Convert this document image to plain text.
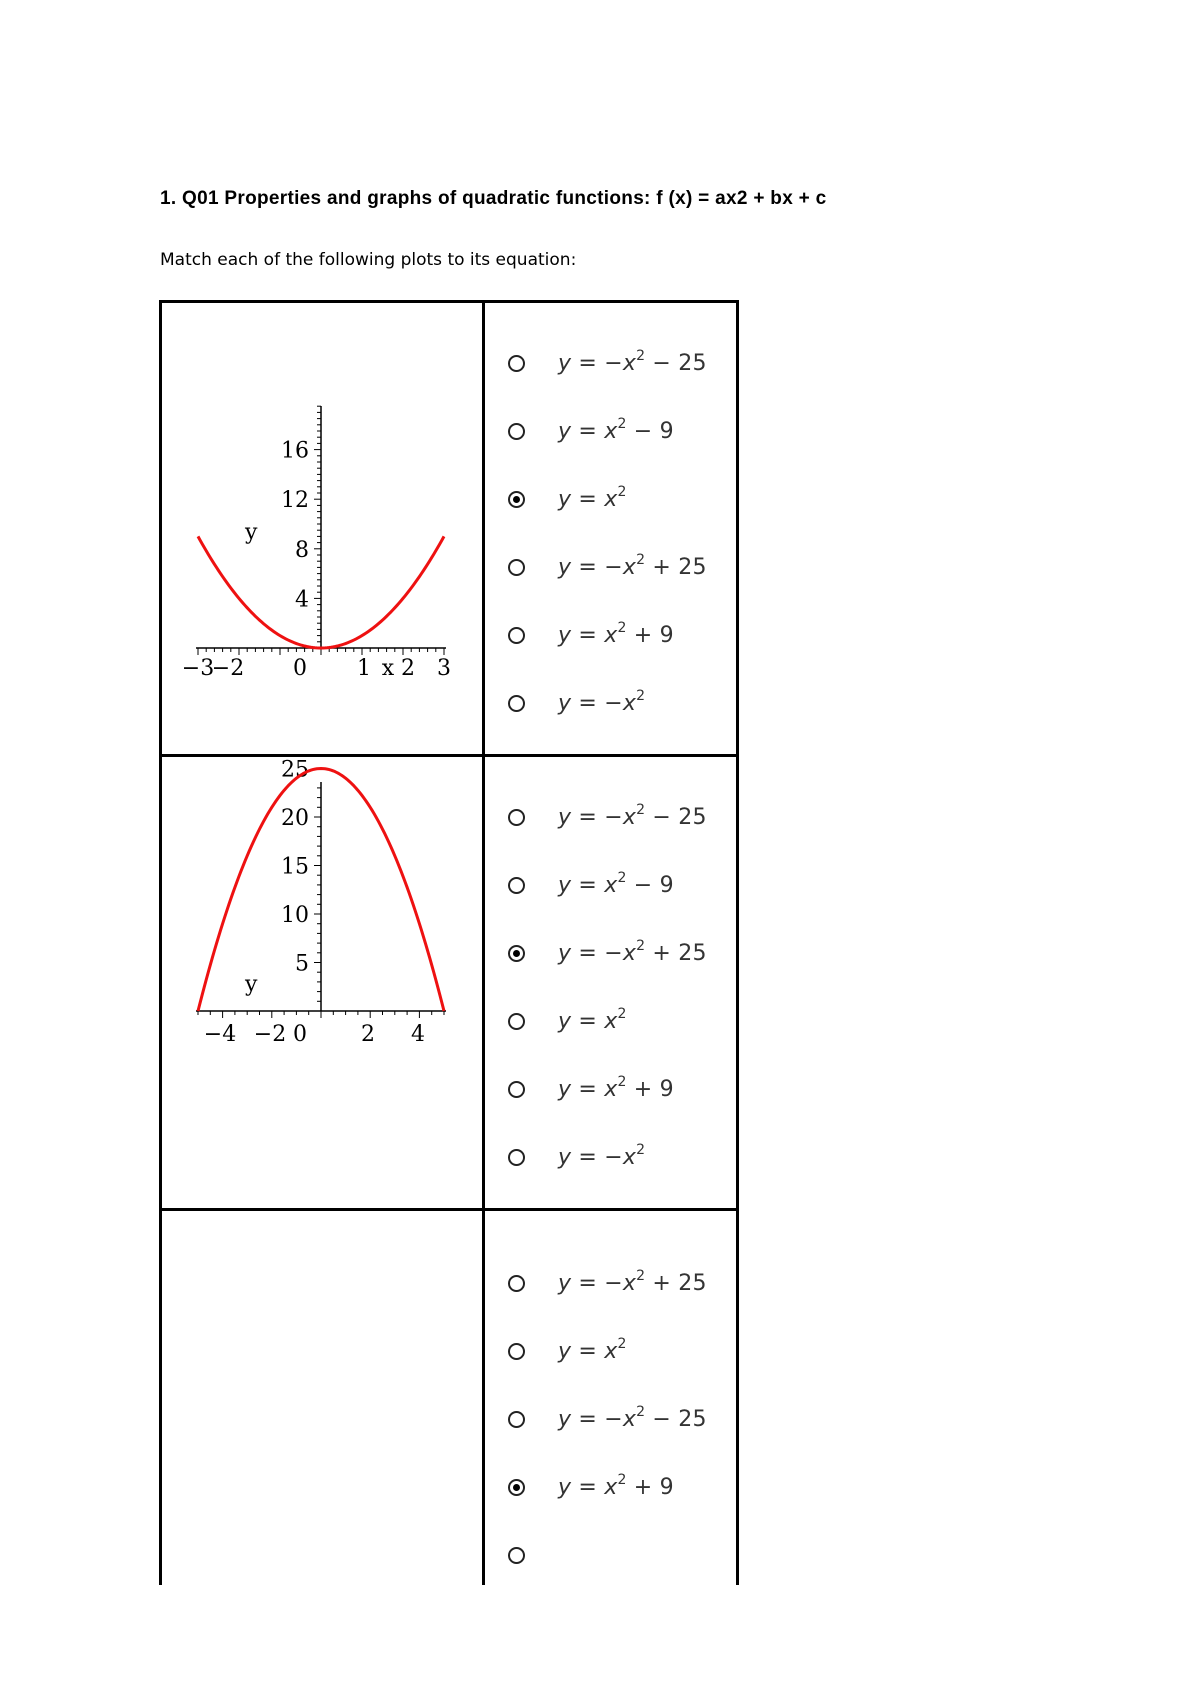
1. Q01 Properties and graphs of quadratic functions: f (x) = ax2 + bx + c
Match each of the following plots to its equation:
16
12
8
4
y
−3
−2 0 1 x 2 3
25
20
15
10
5
y
−4 −2 0 2 4
$y = -x^2 - 25$
$y = x^2 - 9$
$y = x^2$
$y = -x^2 + 25$
$y = x^2 + 9$
$y = -x^2$
$y = -x^2 - 25$
$y = x^2 - 9$
$y = -x^2 + 25$
$y = x^2$
$y = x^2 + 9$
$y = -x^2$
$y = -x^2 + 25$
$y = x^2$
$y = -x^2 - 25$
$y = x^2 + 9$
